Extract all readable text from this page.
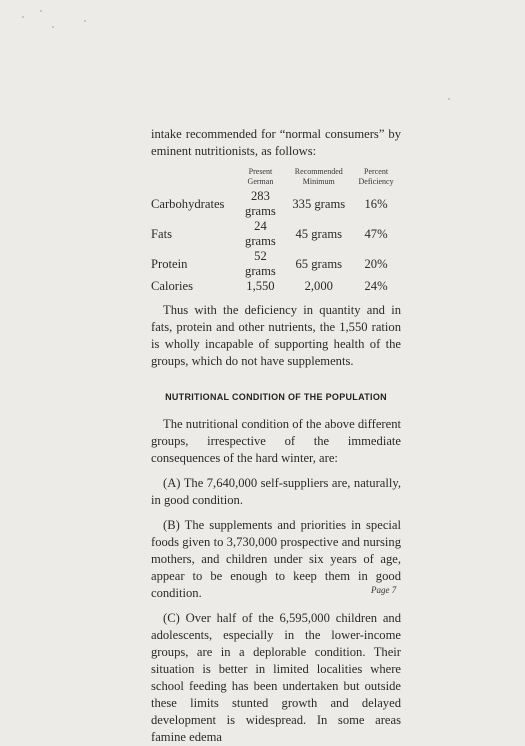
intake recommended for “normal consumers” by eminent nutritionists, as follows:

	Present German	Recommended Minimum	Percent Deficiency
Carbohydrates	283 grams	335 grams	16%
Fats	24 grams	45 grams	47%
Protein	52 grams	65 grams	20%
Calories	1,550	2,000	24%

Thus with the deficiency in quantity and in fats, protein and other nutrients, the 1,550 ration is wholly incapable of supporting health of the groups, which do not have supplements.

NUTRITIONAL CONDITION OF THE POPULATION

The nutritional condition of the above different groups, irrespective of the immediate consequences of the hard winter, are:

(A) The 7,640,000 self-suppliers are, naturally, in good condition.

(B) The supplements and priorities in special foods given to 3,730,000 prospective and nursing mothers, and children under six years of age, appear to be enough to keep them in good condition.

(C) Over half of the 6,595,000 children and adolescents, especially in the lower-income groups, are in a deplorable condition. Their situation is better in limited localities where school feeding has been undertaken but outside these limits stunted growth and delayed development is widespread. In some areas famine edema

Page 7
